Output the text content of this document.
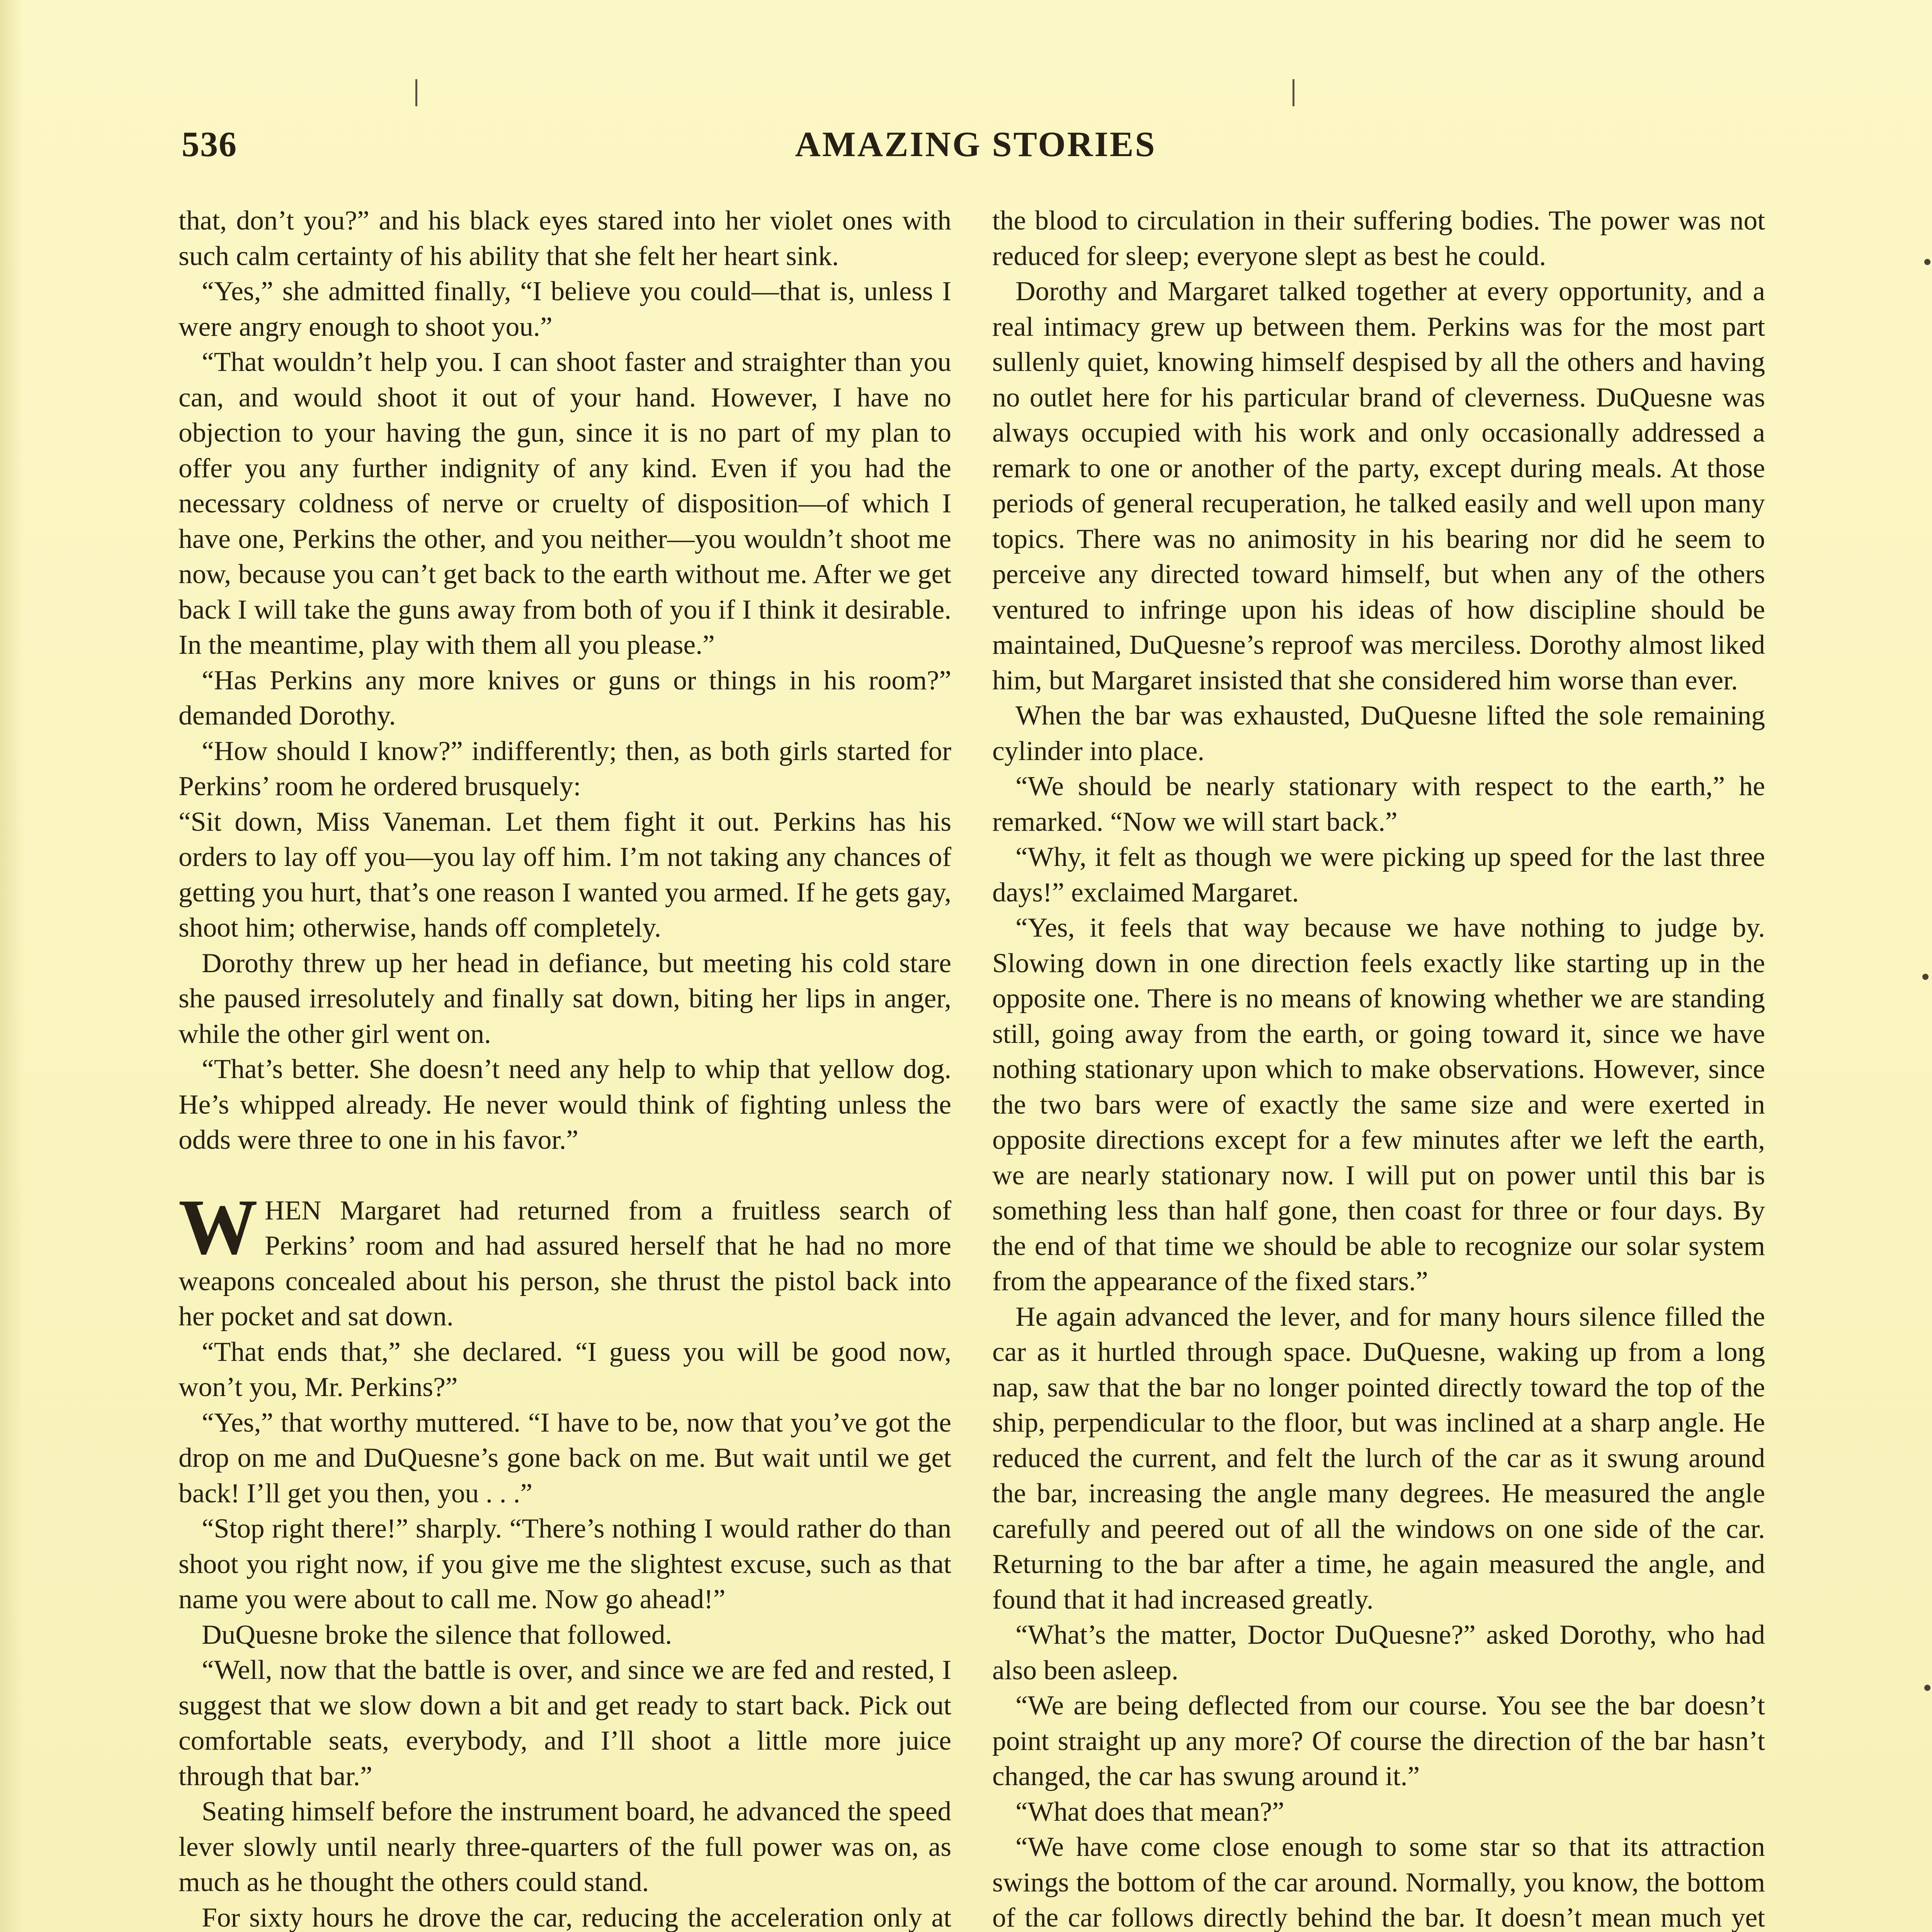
536	AMAZING STORIES

that, don’t you?” and his black eyes stared into her violet ones with such calm certainty of his ability that she felt her heart sink.

“Yes,” she admitted finally, “I believe you could—that is, unless I were angry enough to shoot you.”

“That wouldn’t help you. I can shoot faster and straighter than you can, and would shoot it out of your hand. However, I have no objection to your having the gun, since it is no part of my plan to offer you any further indignity of any kind. Even if you had the necessary coldness of nerve or cruelty of disposition—of which I have one, Perkins the other, and you neither—you wouldn’t shoot me now, because you can’t get back to the earth without me. After we get back I will take the guns away from both of you if I think it desirable. In the meantime, play with them all you please.”

“Has Perkins any more knives or guns or things in his room?” demanded Dorothy.

“How should I know?” indifferently; then, as both girls started for Perkins’ room he ordered brusquely:

“Sit down, Miss Vaneman. Let them fight it out. Perkins has his orders to lay off you—you lay off him. I’m not taking any chances of getting you hurt, that’s one reason I wanted you armed. If he gets gay, shoot him; otherwise, hands off completely.

Dorothy threw up her head in defiance, but meeting his cold stare she paused irresolutely and finally sat down, biting her lips in anger, while the other girl went on.

“That’s better. She doesn’t need any help to whip that yellow dog. He’s whipped already. He never would think of fighting unless the odds were three to one in his favor.”

WHEN Margaret had returned from a fruitless search of Perkins’ room and had assured herself that he had no more weapons concealed about his person, she thrust the pistol back into her pocket and sat down.

“That ends that,” she declared. “I guess you will be good now, won’t you, Mr. Perkins?”

“Yes,” that worthy muttered. “I have to be, now that you’ve got the drop on me and DuQuesne’s gone back on me. But wait until we get back! I’ll get you then, you . . .”

“Stop right there!” sharply. “There’s nothing I would rather do than shoot you right now, if you give me the slightest excuse, such as that name you were about to call me. Now go ahead!”

DuQuesne broke the silence that followed.

“Well, now that the battle is over, and since we are fed and rested, I suggest that we slow down a bit and get ready to start back. Pick out comfortable seats, everybody, and I’ll shoot a little more juice through that bar.”

Seating himself before the instrument board, he advanced the speed lever slowly until nearly three-quarters of the full power was on, as much as he thought the others could stand.

For sixty hours he drove the car, reducing the acceleration only at

the blood to circulation in their suffering bodies. The power was not reduced for sleep; everyone slept as best he could.

Dorothy and Margaret talked together at every opportunity, and a real intimacy grew up between them. Perkins was for the most part sullenly quiet, knowing himself despised by all the others and having no outlet here for his particular brand of cleverness. DuQuesne was always occupied with his work and only occasionally addressed a remark to one or another of the party, except during meals. At those periods of general recuperation, he talked easily and well upon many topics. There was no animosity in his bearing nor did he seem to perceive any directed toward himself, but when any of the others ventured to infringe upon his ideas of how discipline should be maintained, DuQuesne’s reproof was merciless. Dorothy almost liked him, but Margaret insisted that she considered him worse than ever.

When the bar was exhausted, DuQuesne lifted the sole remaining cylinder into place.

“We should be nearly stationary with respect to the earth,” he remarked. “Now we will start back.”

“Why, it felt as though we were picking up speed for the last three days!” exclaimed Margaret.

“Yes, it feels that way because we have nothing to judge by. Slowing down in one direction feels exactly like starting up in the opposite one. There is no means of knowing whether we are standing still, going away from the earth, or going toward it, since we have nothing stationary upon which to make observations. However, since the two bars were of exactly the same size and were exerted in opposite directions except for a few minutes after we left the earth, we are nearly stationary now. I will put on power until this bar is something less than half gone, then coast for three or four days. By the end of that time we should be able to recognize our solar system from the appearance of the fixed stars.”

He again advanced the lever, and for many hours silence filled the car as it hurtled through space. DuQuesne, waking up from a long nap, saw that the bar no longer pointed directly toward the top of the ship, perpendicular to the floor, but was inclined at a sharp angle. He reduced the current, and felt the lurch of the car as it swung around the bar, increasing the angle many degrees. He measured the angle carefully and peered out of all the windows on one side of the car. Returning to the bar after a time, he again measured the angle, and found that it had increased greatly.

“What’s the matter, Doctor DuQuesne?” asked Dorothy, who had also been asleep.

“We are being deflected from our course. You see the bar doesn’t point straight up any more? Of course the direction of the bar hasn’t changed, the car has swung around it.”

“What does that mean?”

“We have come close enough to some star so that its attraction swings the bottom of the car around. Normally, you know, the bottom of the car follows directly behind the bar. It doesn’t mean much yet
